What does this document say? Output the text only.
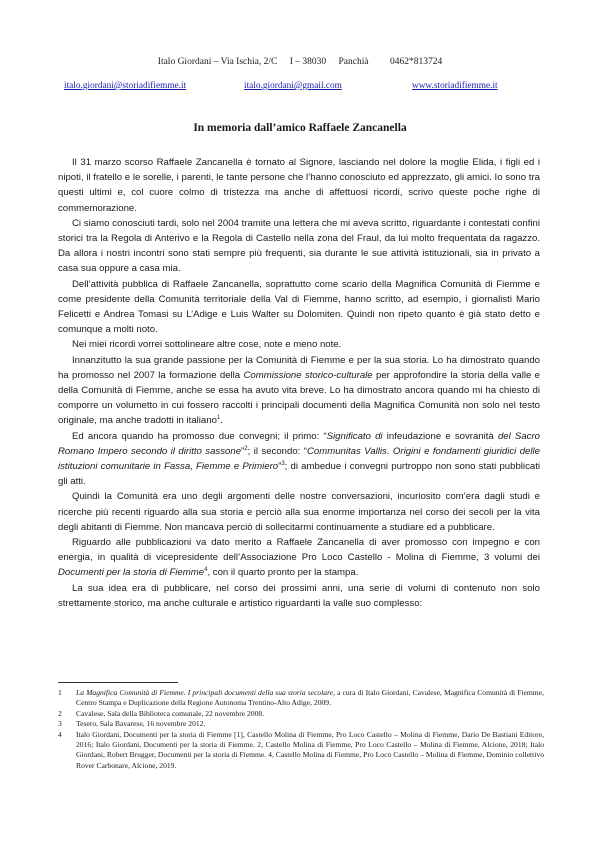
Italo Giordani – Via Ischia, 2/C I – 38030 Panchià 0462*813724
italo.giordani@storiadifiemme.it	italo.giordani@gmail.com	www.storiadifiemme.it
In memoria dall’amico Raffaele Zancanella

Il 31 marzo scorso Raffaele Zancanella è tornato al Signore, lasciando nel dolore la moglie Elida, i figli ed i nipoti, il fratello e le sorelle, i parenti, le tante persone che l’hanno conosciuto ed apprezzato, gli amici. Io sono tra questi ultimi e, col cuore colmo di tristezza ma anche di affettuosi ricordi, scrivo queste poche righe di commemorazione.

Ci siamo conosciuti tardi, solo nel 2004 tramite una lettera che mi aveva scritto, riguardante i contestati confini storici tra la Regola di Anterivo e la Regola di Castello nella zona del Fraul, da lui molto frequentata da ragazzo. Da allora i nostri incontri sono stati sempre più frequenti, sia durante le sue attività istituzionali, sia in privato a casa sua oppure a casa mia.

Dell’attività pubblica di Raffaele Zancanella, soprattutto come scario della Magnifica Comunità di Fiemme e come presidente della Comunità territoriale della Val di Fiemme, hanno scritto, ad esempio, i giornalisti Mario Felicetti e Andrea Tomasi su L’Adige e Luis Walter su Dolomiten. Quindi non ripeto quanto è già stato detto e comunque a molti noto.

Nei miei ricordi vorrei sottolineare altre cose, note e meno note.

Innanzitutto la sua grande passione per la Comunità di Fiemme e per la sua storia. Lo ha dimostrato quando ha promosso nel 2007 la formazione della Commissione storico-culturale per approfondire la storia della valle e della Comunità di Fiemme, anche se essa ha avuto vita breve. Lo ha dimostrato ancora quando mi ha chiesto di comporre un volumetto in cui fossero raccolti i principali documenti della Magnifica Comunità non solo nel testo originale, ma anche tradotti in italiano$^1$.

Ed ancora quando ha promosso due convegni; il primo: “Significato di infeudazione e sovranità del Sacro Romano Impero secondo il diritto sassone”$^2$; il secondo: “Communitas Vallis. Origini e fondamenti giuridici delle istituzioni comunitarie in Fassa, Fiemme e Primiero”$^3$; di ambedue i convegni purtroppo non sono stati pubblicati gli atti.

Quindi la Comunità era uno degli argomenti delle nostre conversazioni, incuriosito com’era dagli studi e ricerche più recenti riguardo alla sua storia e perciò alla sua enorme importanza nel corso dei secoli per la vita degli abitanti di Fiemme. Non mancava perciò di sollecitarmi continuamente a studiare ed a pubblicare.

Riguardo alle pubblicazioni va dato merito a Raffaele Zancanella di aver promosso con impegno e con energia, in qualità di vicepresidente dell’Associazione Pro Loco Castello - Molina di Fiemme, 3 volumi dei Documenti per la storia di Fiemme$^4$, con il quarto pronto per la stampa.

La sua idea era di pubblicare, nel corso dei prossimi anni, una serie di volumi di contenuto non solo strettamente storico, ma anche culturale e artistico riguardanti la valle suo complesso:

1	La Magnifica Comunità di Fiemme. I principali documenti della sua storia secolare, a cura di Italo Giordani, Cavalese, Magnifica Comunità di Fiemme, Centro Stampa e Duplicazione della Regione Autonoma Trentino-Alto Adige, 2009.
2	Cavalese, Sala della Biblioteca comunale, 22 novembre 2008.
3	Tesero, Sala Bavarese, 16 novembre 2012.
4	Italo Giordani, Documenti per la storia di Fiemme [1], Castello Molina di Fiemme, Pro Loco Castello – Molina di Fiemme, Dario De Bastiani Editore, 2016; Italo Giordani, Documenti per la storia di Fiemme. 2, Castello Molina di Fiemme, Pro Loco Castello – Molina di Fiemme, Alcione, 2018; Italo Giordani, Robert Brugger, Documenti per la storia di Fiemme. 4, Castello Molina di Fiemme, Pro Loco Castello – Molina di Fiemme, Dominio collettivo Rover Carbonare, Alcione, 2019.
